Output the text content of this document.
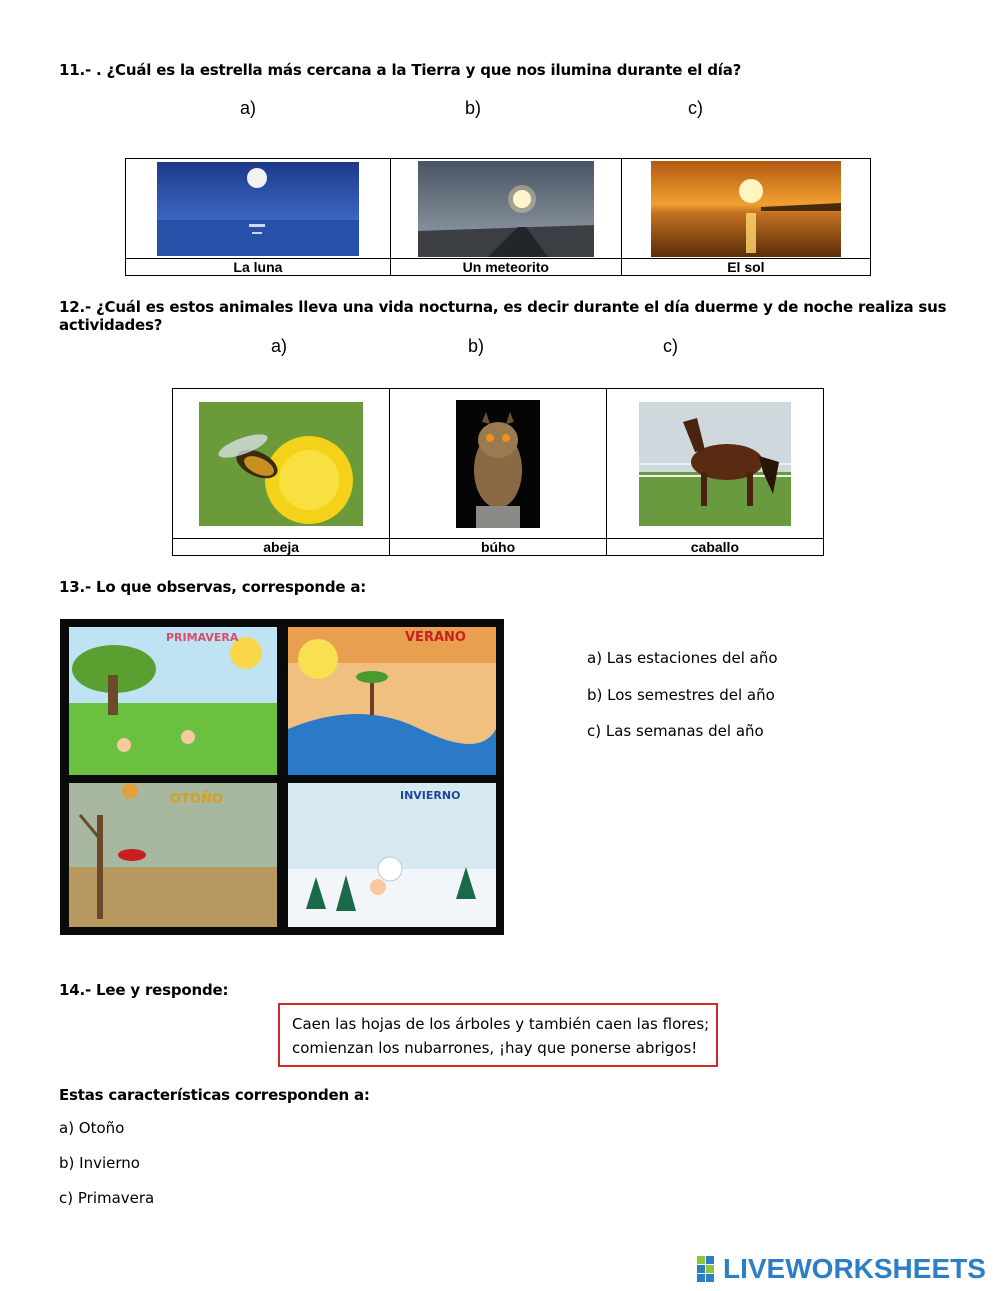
11.- . ¿Cuál es la estrella más cercana a la Tierra y que nos ilumina durante el día?
a)	b)	c)

La luna	Un meteorito	El sol
12.- ¿Cuál es estos animales lleva una vida nocturna, es decir durante el día duerme y de noche realiza sus actividades?
a)	b)	c)

abeja	búho	caballo
13.- Lo que observas, corresponde a:
PRIMAVERA	VERANO
OTOÑO	INVIERNO
a) Las estaciones del año
b) Los semestres del año
c) Las semanas del año
14.- Lee y responde:
Caen las hojas de los árboles y también caen las flores;
comienzan los nubarrones, ¡hay que ponerse abrigos!
Estas características corresponden a:
a) Otoño
b) Invierno
c) Primavera
LIVEWORKSHEETS
